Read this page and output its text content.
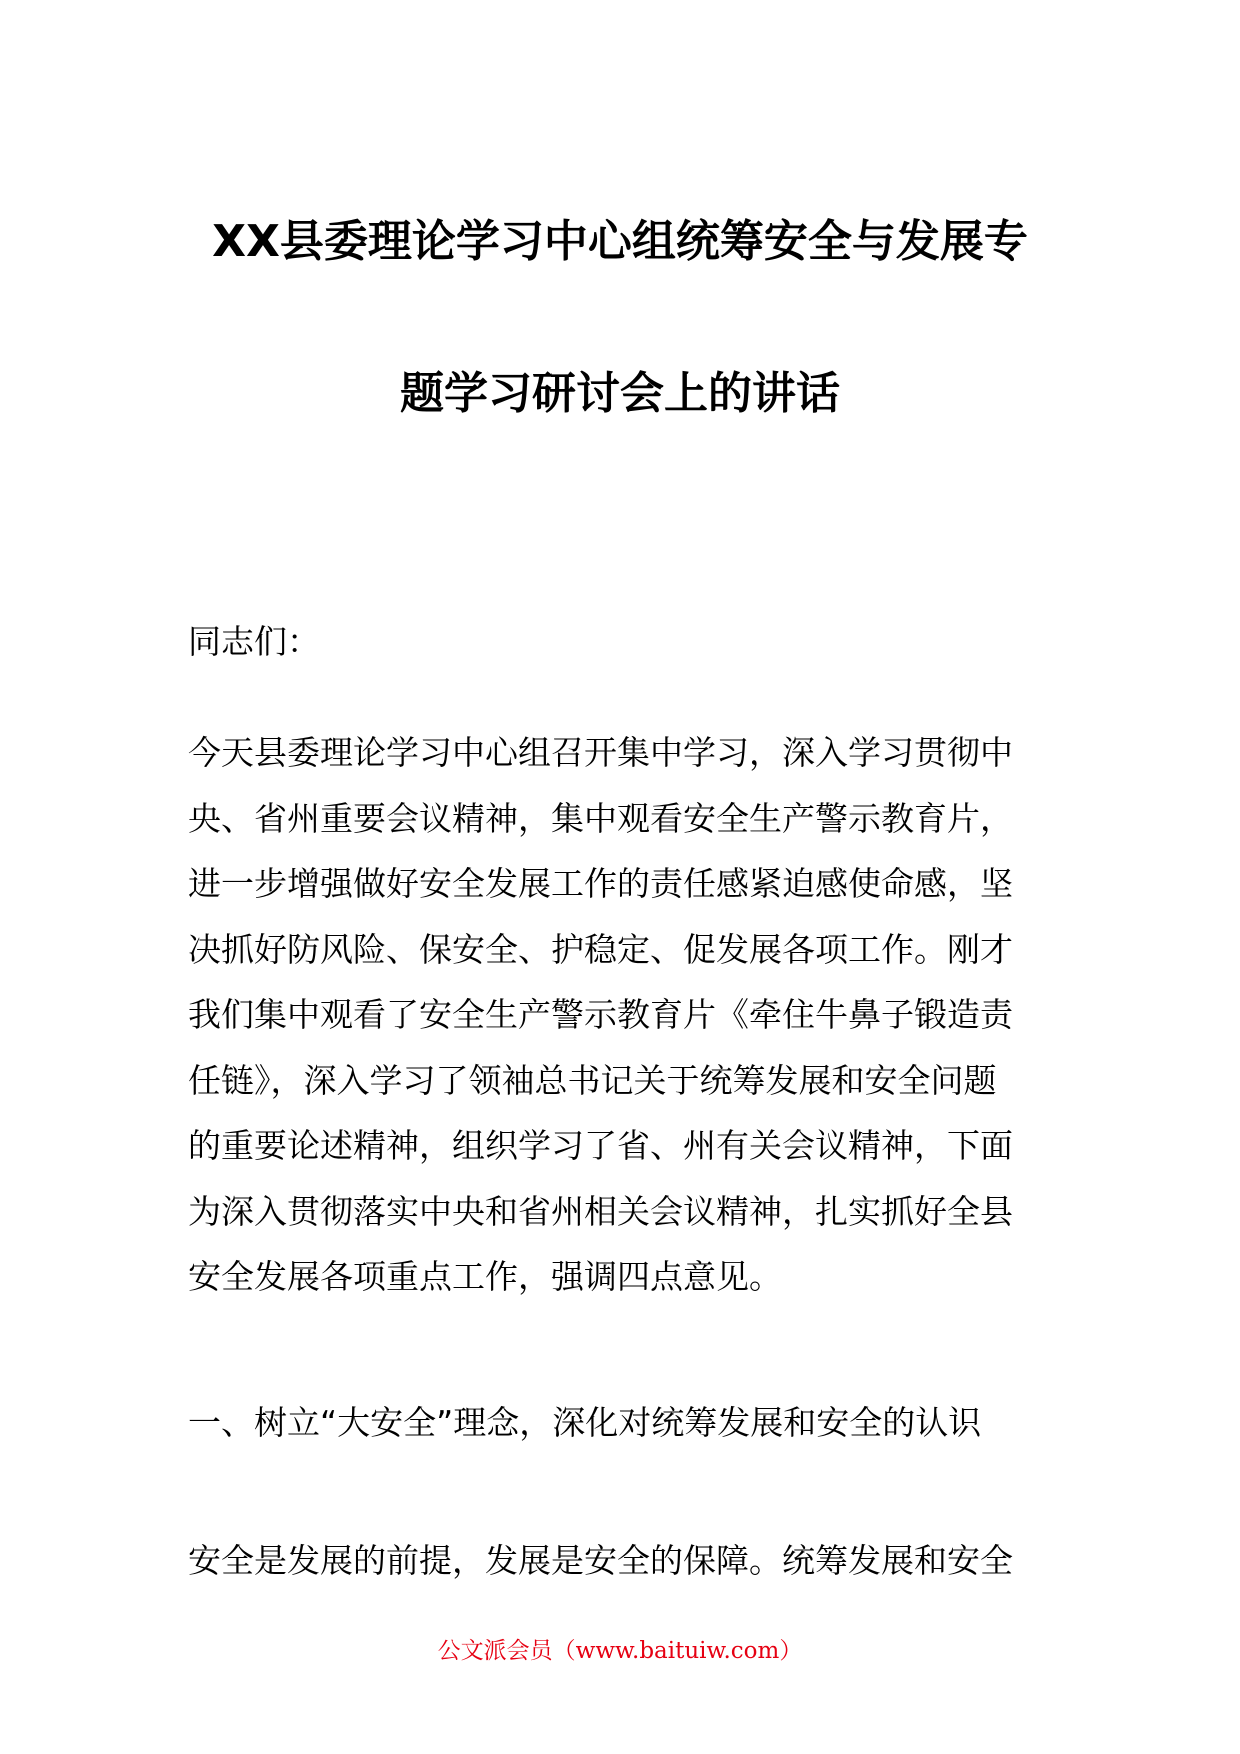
XX县委理论学习中心组统筹安全与发展专
题学习研讨会上的讲话
同志们：
今天县委理论学习中心组召开集中学习，深入学习贯彻中
央、省州重要会议精神，集中观看安全生产警示教育片，
进一步增强做好安全发展工作的责任感紧迫感使命感，坚
决抓好防风险、保安全、护稳定、促发展各项工作。刚才
我们集中观看了安全生产警示教育片《牵住牛鼻子锻造责
任链》，深入学习了领袖总书记关于统筹发展和安全问题
的重要论述精神，组织学习了省、州有关会议精神，下面
为深入贯彻落实中央和省州相关会议精神，扎实抓好全县
安全发展各项重点工作，强调四点意见。
一、树立“大安全”理念，深化对统筹发展和安全的认识
安全是发展的前提，发展是安全的保障。统筹发展和安全
公文派会员（www.baituiw.com）
